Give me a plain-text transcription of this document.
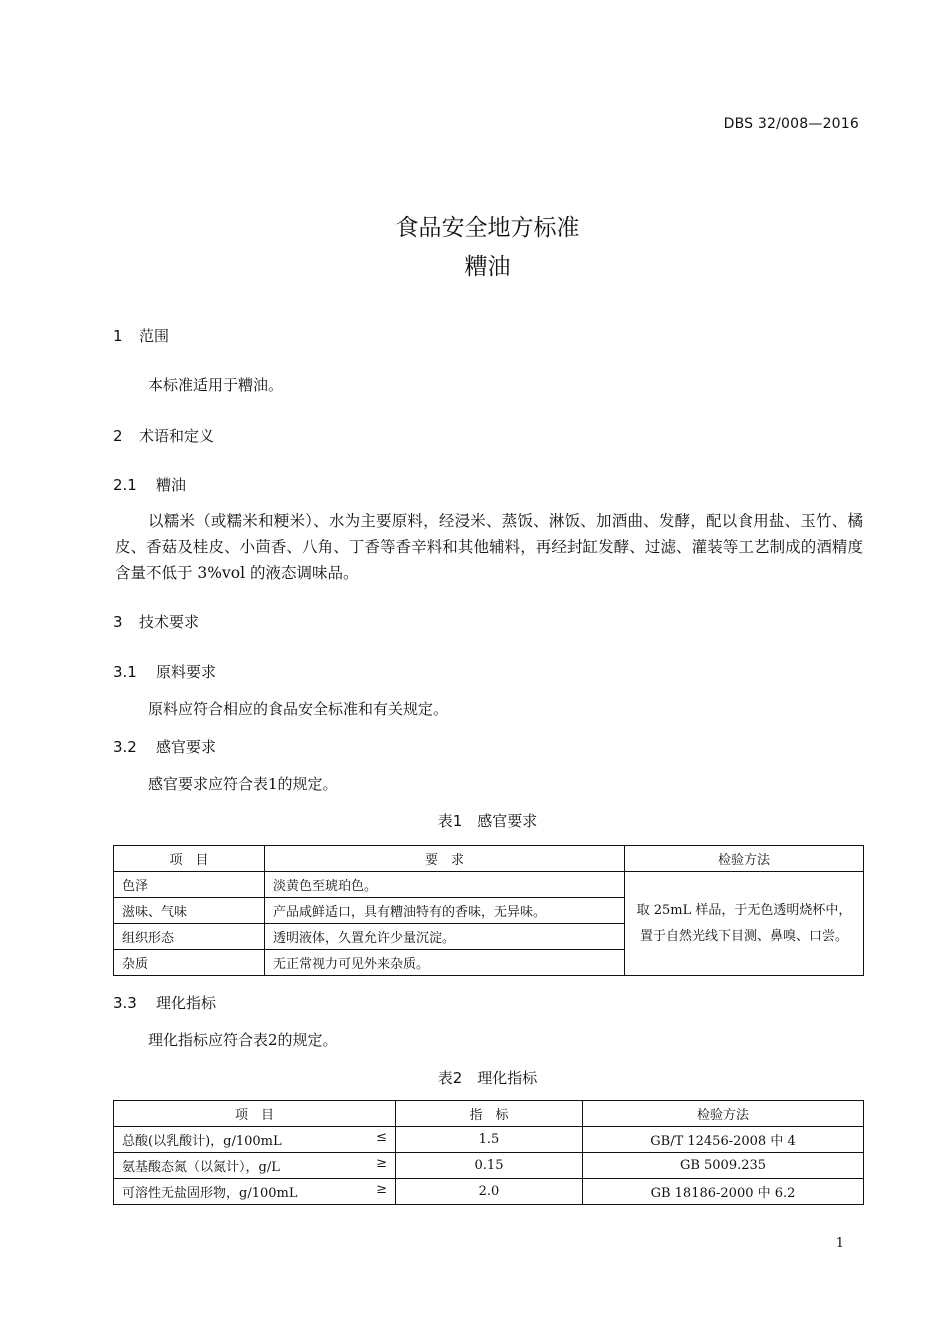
DBS 32/008—2016
食品安全地方标准
糟油
1 范围
本标准适用于糟油。
2 术语和定义
2.1 糟油
以糯米（或糯米和粳米）、水为主要原料，经浸米、蒸饭、淋饭、加酒曲、发酵，配以食用盐、玉竹、橘皮、香菇及桂皮、小茴香、八角、丁香等香辛料和其他辅料，再经封缸发酵、过滤、灌装等工艺制成的酒精度含量不低于 3%vol 的液态调味品。
3 技术要求
3.1 原料要求
原料应符合相应的食品安全标准和有关规定。
3.2 感官要求
感官要求应符合表1的规定。
表1　感官要求
项　目	要　求	检验方法
色泽	淡黄色至琥珀色。	取 25mL 样品，于无色透明烧杯中，
置于自然光线下目测、鼻嗅、口尝。

滋味、气味	产品咸鲜适口，具有糟油特有的香味，无异味。	
组织形态	透明液体，久置允许少量沉淀。	
杂质	无正常视力可见外来杂质。	
3.3 理化指标
理化指标应符合表2的规定。
表2　理化指标
项　目	指　标	检验方法
总酸(以乳酸计)，g/100mL ≤	1.5	GB/T 12456-2008 中 4
氨基酸态氮（以氮计），g/L ≥	0.15	GB 5009.235
可溶性无盐固形物，g/100mL ≥	2.0	GB 18186-2000 中 6.2
1
